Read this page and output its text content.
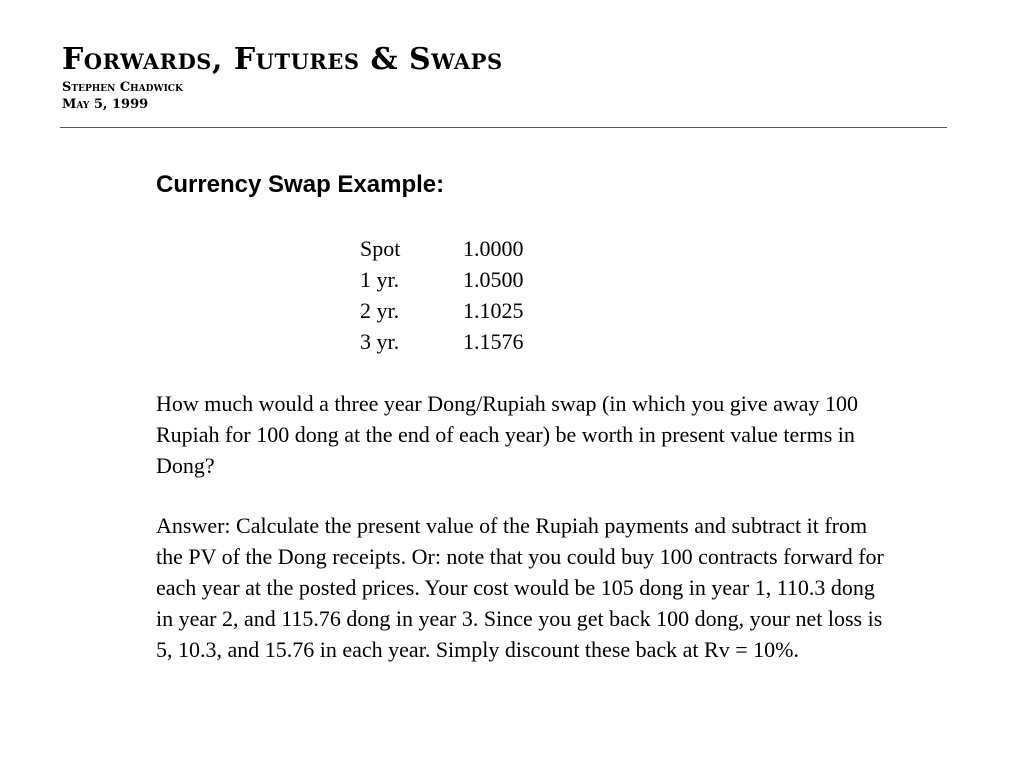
Forwards, Futures & Swaps
Stephen Chadwick
May 5, 1999
Currency Swap Example:
Spot	1.0000
1 yr.	1.0500
2 yr.	1.1025
3 yr.	1.1576

How much would a three year Dong/Rupiah swap (in which you give away 100 Rupiah for 100 dong at the end of each year) be worth in present value terms in Dong?

Answer: Calculate the present value of the Rupiah payments and subtract it from the PV of the Dong receipts. Or: note that you could buy 100 contracts forward for each year at the posted prices. Your cost would be 105 dong in year 1, 110.3 dong in year 2, and 115.76 dong in year 3. Since you get back 100 dong, your net loss is 5, 10.3, and 15.76 in each year. Simply discount these back at Rv = 10%.
